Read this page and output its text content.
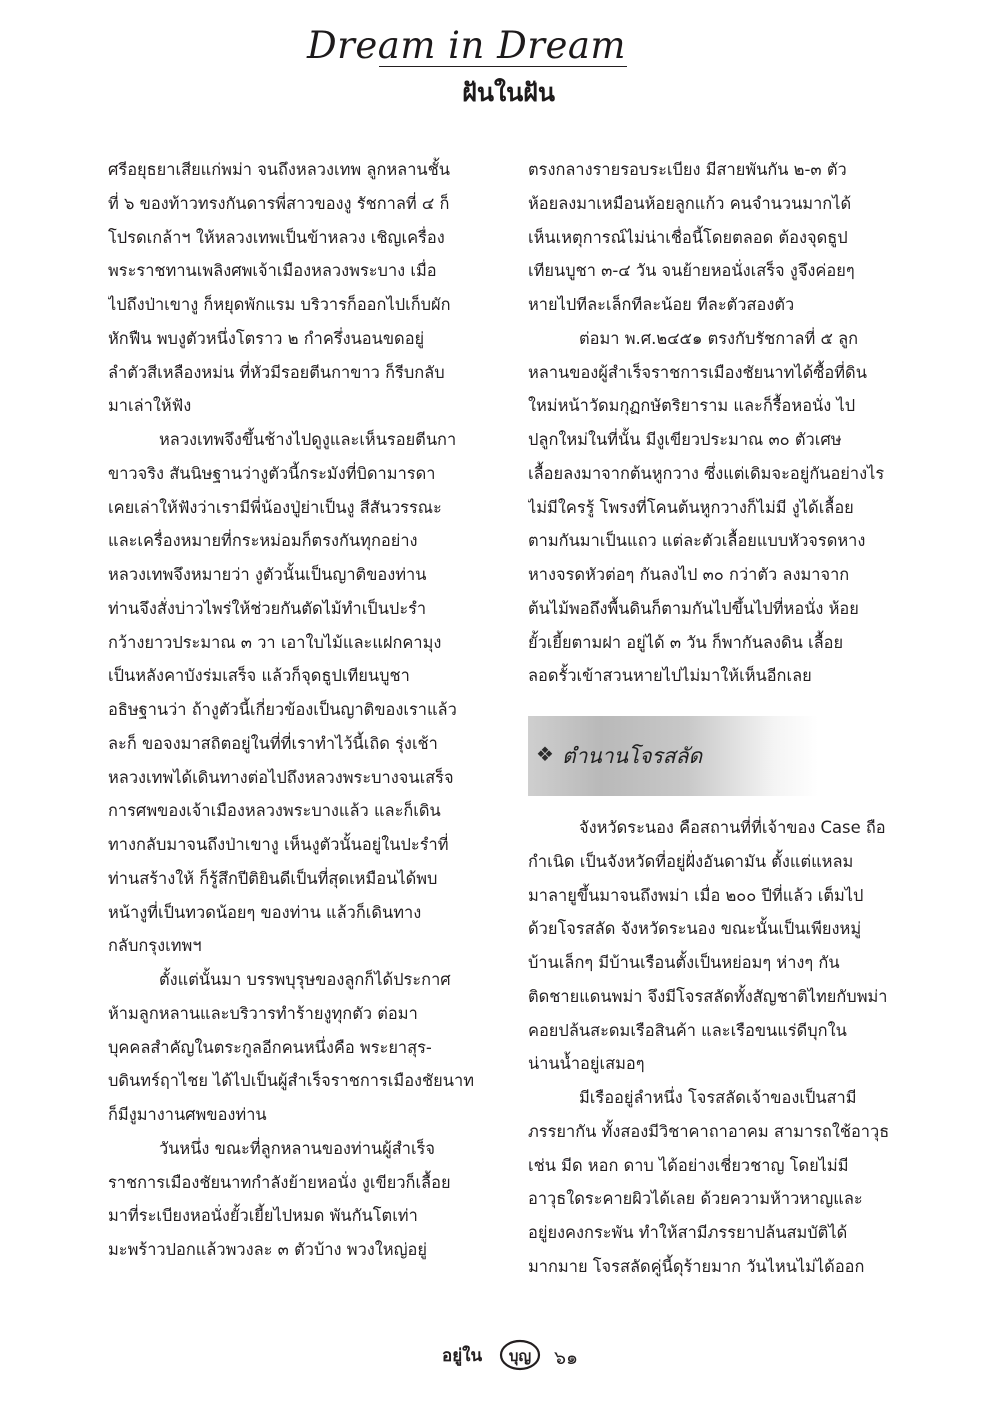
Dream in Dream
ฝันในฝัน
ศรีอยุธยาเสียแก่พม่า จนถึงหลวงเทพ ลูกหลานชั้น
ที่ ๖ ของท้าวทรงกันดารพี่สาวของงู รัชกาลที่ ๔ ก็
โปรดเกล้าฯ ให้หลวงเทพเป็นข้าหลวง เชิญเครื่อง
พระราชทานเพลิงศพเจ้าเมืองหลวงพระบาง เมื่อ
ไปถึงป่าเขางู ก็หยุดพักแรม บริวารก็ออกไปเก็บผัก
หักฟืน พบงูตัวหนึ่งโตราว ๒ กำครึ่งนอนขดอยู่
ลำตัวสีเหลืองหม่น ที่หัวมีรอยตีนกาขาว ก็รีบกลับ
มาเล่าให้ฟัง
หลวงเทพจึงขึ้นช้างไปดูงูและเห็นรอยตีนกา
ขาวจริง สันนิษฐานว่างูตัวนี้กระมังที่บิดามารดา
เคยเล่าให้ฟังว่าเรามีพี่น้องปู่ย่าเป็นงู สีสันวรรณะ
และเครื่องหมายที่กระหม่อมก็ตรงกันทุกอย่าง
หลวงเทพจึงหมายว่า งูตัวนั้นเป็นญาติของท่าน
ท่านจึงสั่งบ่าวไพร่ให้ช่วยกันตัดไม้ทำเป็นปะรำ
กว้างยาวประมาณ ๓ วา เอาใบไม้และแฝกคามุง
เป็นหลังคาบังร่มเสร็จ แล้วก็จุดธูปเทียนบูชา
อธิษฐานว่า ถ้างูตัวนี้เกี่ยวข้องเป็นญาติของเราแล้ว
ละก็ ขอจงมาสถิตอยู่ในที่ที่เราทำไว้นี้เถิด รุ่งเช้า
หลวงเทพได้เดินทางต่อไปถึงหลวงพระบางจนเสร็จ
การศพของเจ้าเมืองหลวงพระบางแล้ว และก็เดิน
ทางกลับมาจนถึงป่าเขางู เห็นงูตัวนั้นอยู่ในปะรำที่
ท่านสร้างให้ ก็รู้สึกปีติยินดีเป็นที่สุดเหมือนได้พบ
หน้างูที่เป็นทวดน้อยๆ ของท่าน แล้วก็เดินทาง
กลับกรุงเทพฯ
ตั้งแต่นั้นมา บรรพบุรุษของลูกก็ได้ประกาศ
ห้ามลูกหลานและบริวารทำร้ายงูทุกตัว ต่อมา
บุคคลสำคัญในตระกูลอีกคนหนึ่งคือ พระยาสุร-
บดินทร์ฤาไชย ได้ไปเป็นผู้สำเร็จราชการเมืองชัยนาท
ก็มีงูมางานศพของท่าน
วันหนึ่ง ขณะที่ลูกหลานของท่านผู้สำเร็จ
ราชการเมืองชัยนาทกำลังย้ายหอนั่ง งูเขียวก็เลื้อย
มาที่ระเบียงหอนั่งยั้วเยี้ยไปหมด พันกันโตเท่า
มะพร้าวปอกแล้วพวงละ ๓ ตัวบ้าง พวงใหญ่อยู่
ตรงกลางรายรอบระเบียง มีสายพันกัน ๒-๓ ตัว
ห้อยลงมาเหมือนห้อยลูกแก้ว คนจำนวนมากได้
เห็นเหตุการณ์ไม่น่าเชื่อนี้โดยตลอด ต้องจุดธูป
เทียนบูชา ๓-๔ วัน จนย้ายหอนั่งเสร็จ งูจึงค่อยๆ
หายไปทีละเล็กทีละน้อย ทีละตัวสองตัว
ต่อมา พ.ศ.๒๔๕๑ ตรงกับรัชกาลที่ ๕ ลูก
หลานของผู้สำเร็จราชการเมืองชัยนาทได้ซื้อที่ดิน
ใหม่หน้าวัดมกุฏกษัตริยาราม และก็รื้อหอนั่ง ไป
ปลูกใหม่ในที่นั้น มีงูเขียวประมาณ ๓๐ ตัวเศษ
เลื้อยลงมาจากต้นหูกวาง ซึ่งแต่เดิมจะอยู่กันอย่างไร
ไม่มีใครรู้ โพรงที่โคนต้นหูกวางก็ไม่มี งูได้เลื้อย
ตามกันมาเป็นแถว แต่ละตัวเลื้อยแบบหัวจรดหาง
หางจรดหัวต่อๆ กันลงไป ๓๐ กว่าตัว ลงมาจาก
ต้นไม้พอถึงพื้นดินก็ตามกันไปขึ้นไปที่หอนั่ง ห้อย
ยั้วเยี้ยตามฝา อยู่ได้ ๓ วัน ก็พากันลงดิน เลื้อย
ลอดรั้วเข้าสวนหายไปไม่มาให้เห็นอีกเลย
❖ ตำนานโจรสลัด
จังหวัดระนอง คือสถานที่ที่เจ้าของ Case ถือ
กำเนิด เป็นจังหวัดที่อยู่ฝั่งอันดามัน ตั้งแต่แหลม
มาลายูขึ้นมาจนถึงพม่า เมื่อ ๒๐๐ ปีที่แล้ว เต็มไป
ด้วยโจรสลัด จังหวัดระนอง ขณะนั้นเป็นเพียงหมู่
บ้านเล็กๆ มีบ้านเรือนตั้งเป็นหย่อมๆ ห่างๆ กัน
ติดชายแดนพม่า จึงมีโจรสลัดทั้งสัญชาติไทยกับพม่า
คอยปล้นสะดมเรือสินค้า และเรือขนแร่ดีบุกใน
น่านน้ำอยู่เสมอๆ
มีเรืออยู่ลำหนึ่ง โจรสลัดเจ้าของเป็นสามี
ภรรยากัน ทั้งสองมีวิชาคาถาอาคม สามารถใช้อาวุธ
เช่น มีด หอก ดาบ ได้อย่างเชี่ยวชาญ โดยไม่มี
อาวุธใดระคายผิวได้เลย ด้วยความห้าวหาญและ
อยู่ยงคงกระพัน ทำให้สามีภรรยาปล้นสมบัติได้
มากมาย โจรสลัดคู่นี้ดุร้ายมาก วันไหนไม่ได้ออก
อยู่ใน บุญ ๖๑
